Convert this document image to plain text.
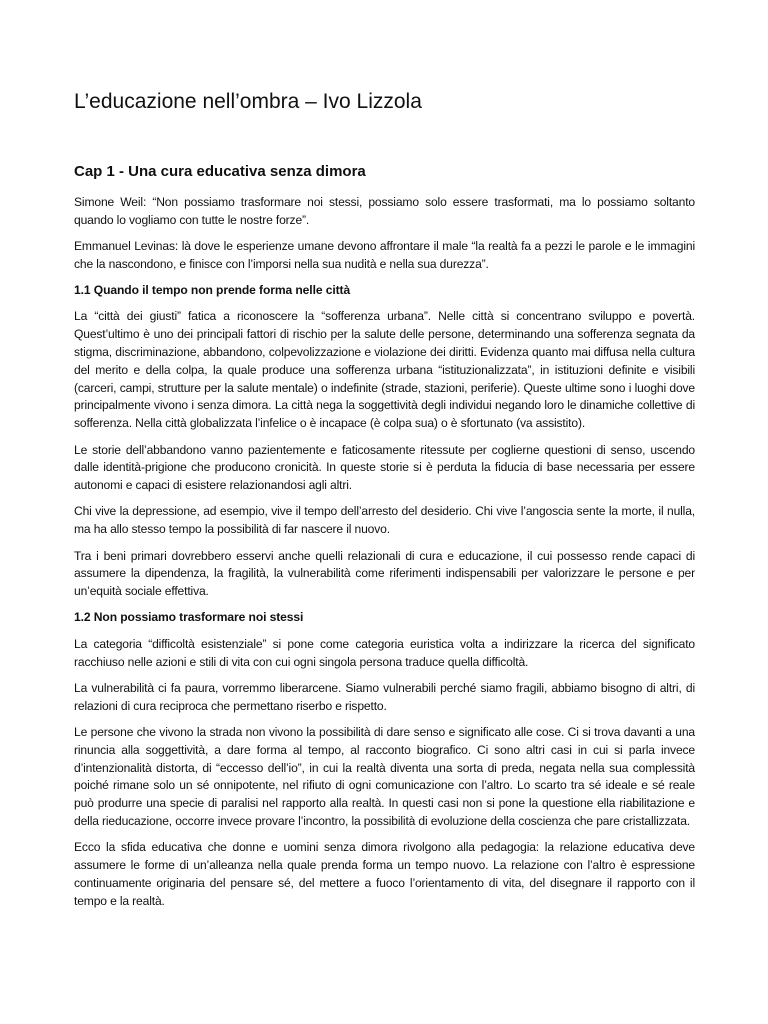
L’educazione nell’ombra – Ivo Lizzola
Cap 1 - Una cura educativa senza dimora

Simone Weil: “Non possiamo trasformare noi stessi, possiamo solo essere trasformati, ma lo possiamo soltanto quando lo vogliamo con tutte le nostre forze”.

Emmanuel Levinas: là dove le esperienze umane devono affrontare il male “la realtà fa a pezzi le parole e le immagini che la nascondono, e finisce con l’imporsi nella sua nudità e nella sua durezza”.

1.1 Quando il tempo non prende forma nelle città

La “città dei giusti” fatica a riconoscere la “sofferenza urbana”. Nelle città si concentrano sviluppo e povertà. Quest’ultimo è uno dei principali fattori di rischio per la salute delle persone, determinando una sofferenza segnata da stigma, discriminazione, abbandono, colpevolizzazione e violazione dei diritti. Evidenza quanto mai diffusa nella cultura del merito e della colpa, la quale produce una sofferenza urbana “istituzionalizzata”, in istituzioni definite e visibili (carceri, campi, strutture per la salute mentale) o indefinite (strade, stazioni, periferie). Queste ultime sono i luoghi dove principalmente vivono i senza dimora. La città nega la soggettività degli individui negando loro le dinamiche collettive di sofferenza. Nella città globalizzata l’infelice o è incapace (è colpa sua) o è sfortunato (va assistito).

Le storie dell’abbandono vanno pazientemente e faticosamente ritessute per coglierne questioni di senso, uscendo dalle identità-prigione che producono cronicità. In queste storie si è perduta la fiducia di base necessaria per essere autonomi e capaci di esistere relazionandosi agli altri.

Chi vive la depressione, ad esempio, vive il tempo dell’arresto del desiderio. Chi vive l’angoscia sente la morte, il nulla, ma ha allo stesso tempo la possibilità di far nascere il nuovo.

Tra i beni primari dovrebbero esservi anche quelli relazionali di cura e educazione, il cui possesso rende capaci di assumere la dipendenza, la fragilità, la vulnerabilità come riferimenti indispensabili per valorizzare le persone e per un’equità sociale effettiva.

1.2 Non possiamo trasformare noi stessi

La categoria “difficoltà esistenziale” si pone come categoria euristica volta a indirizzare la ricerca del significato racchiuso nelle azioni e stili di vita con cui ogni singola persona traduce quella difficoltà.

La vulnerabilità ci fa paura, vorremmo liberarcene. Siamo vulnerabili perché siamo fragili, abbiamo bisogno di altri, di relazioni di cura reciproca che permettano riserbo e rispetto.

Le persone che vivono la strada non vivono la possibilità di dare senso e significato alle cose. Ci si trova davanti a una rinuncia alla soggettività, a dare forma al tempo, al racconto biografico. Ci sono altri casi in cui si parla invece d’intenzionalità distorta, di “eccesso dell’io”, in cui la realtà diventa una sorta di preda, negata nella sua complessità poiché rimane solo un sé onnipotente, nel rifiuto di ogni comunicazione con l’altro. Lo scarto tra sé ideale e sé reale può produrre una specie di paralisi nel rapporto alla realtà. In questi casi non si pone la questione ella riabilitazione e della rieducazione, occorre invece provare l’incontro, la possibilità di evoluzione della coscienza che pare cristallizzata.

Ecco la sfida educativa che donne e uomini senza dimora rivolgono alla pedagogia: la relazione educativa deve assumere le forme di un’alleanza nella quale prenda forma un tempo nuovo. La relazione con l’altro è espressione continuamente originaria del pensare sé, del mettere a fuoco l’orientamento di vita, del disegnare il rapporto con il tempo e la realtà.
